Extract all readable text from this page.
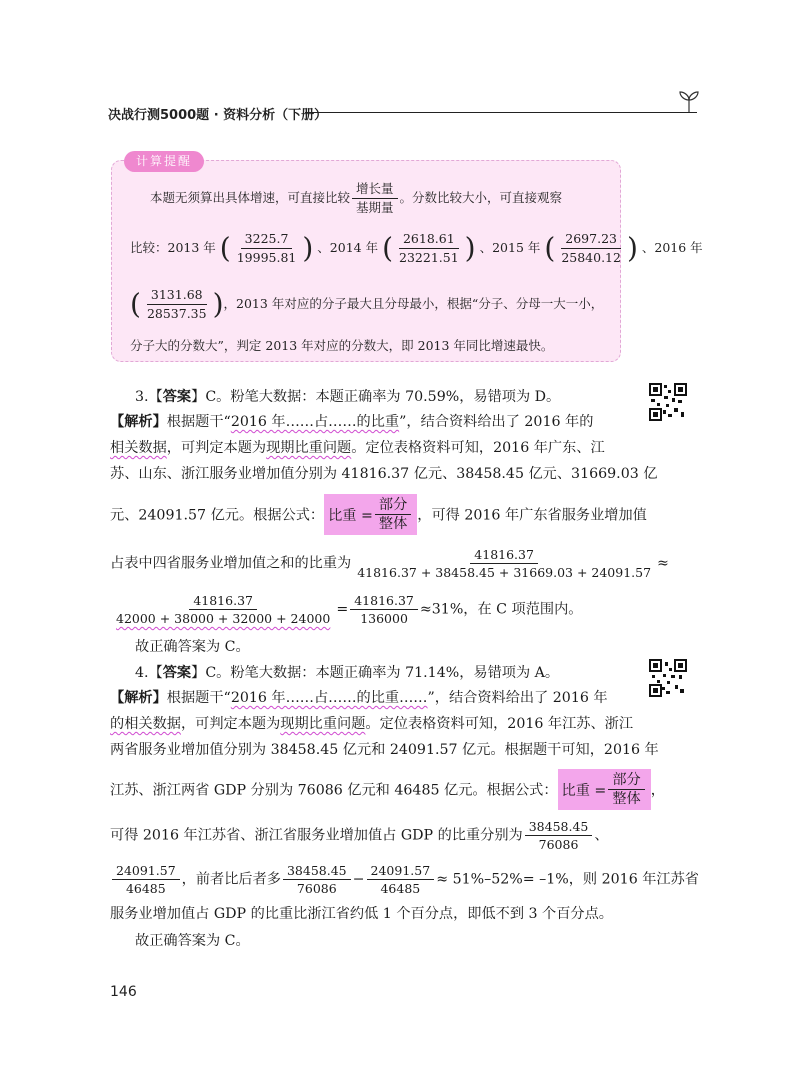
决战行测5000题 · 资料分析（下册）
计算提醒
本题无须算出具体增速，可直接比较 $\frac{\text{增长量}}{\text{基期量}}$ 。分数比较大小，可直接观察
比较：2013 年 ( $\frac{3225.7}{19995.81}$ ) 、2014 年 ( $\frac{2618.61}{23221.51}$ ) 、2015 年 ( $\frac{2697.23}{25840.12}$ ) 、2016 年
( $\frac{3131.68}{28537.35}$ )，2013 年对应的分子最大且分母最小，根据“分子、分母一大一小，
分子大的分数大”，判定 2013 年对应的分数大，即 2013 年同比增速最快。
3.【答案】C。粉笔大数据：本题正确率为 70.59%，易错项为 D。
【解析】根据题干“2016 年……占……的比重”，结合资料给出了 2016 年的
相关数据，可判定本题为现期比重问题。定位表格资料可知，2016 年广东、江
苏、山东、浙江服务业增加值分别为 41816.37 亿元、38458.45 亿元、31669.03 亿
元、24091.57 亿元。根据公式： 比重 = $\frac{\text{部分}}{\text{整体}}$ ，可得 2016 年广东省服务业增加值
占表中四省服务业增加值之和的比重为 $\frac{41816.37}{41816.37 + 38458.45 + 31669.03 + 24091.57}$ ≈
$\frac{41816.37}{42000 + 38000 + 32000 + 24000} = \frac{41816.37}{136000} \approx 31\%$，在 C 项范围内。
故正确答案为 C。
4.【答案】C。粉笔大数据：本题正确率为 71.14%，易错项为 A。
【解析】根据题干“2016 年……占……的比重……”，结合资料给出了 2016 年
的相关数据，可判定本题为现期比重问题。定位表格资料可知，2016 年江苏、浙江
两省服务业增加值分别为 38458.45 亿元和 24091.57 亿元。根据题干可知，2016 年
江苏、浙江两省 GDP 分别为 76086 亿元和 46485 亿元。根据公式： 比重 = $\frac{\text{部分}}{\text{整体}}$ ，
可得 2016 年江苏省、浙江省服务业增加值占 GDP 的比重分别为 $\frac{38458.45}{76086}$ 、
$\frac{24091.57}{46485}$ ，前者比后者多 $\frac{38458.45}{76086} - \frac{24091.57}{46485} \approx 51\%-52\%= -1\%$，则 2016 年江苏省
服务业增加值占 GDP 的比重比浙江省约低 1 个百分点，即低不到 3 个百分点。
故正确答案为 C。
146
